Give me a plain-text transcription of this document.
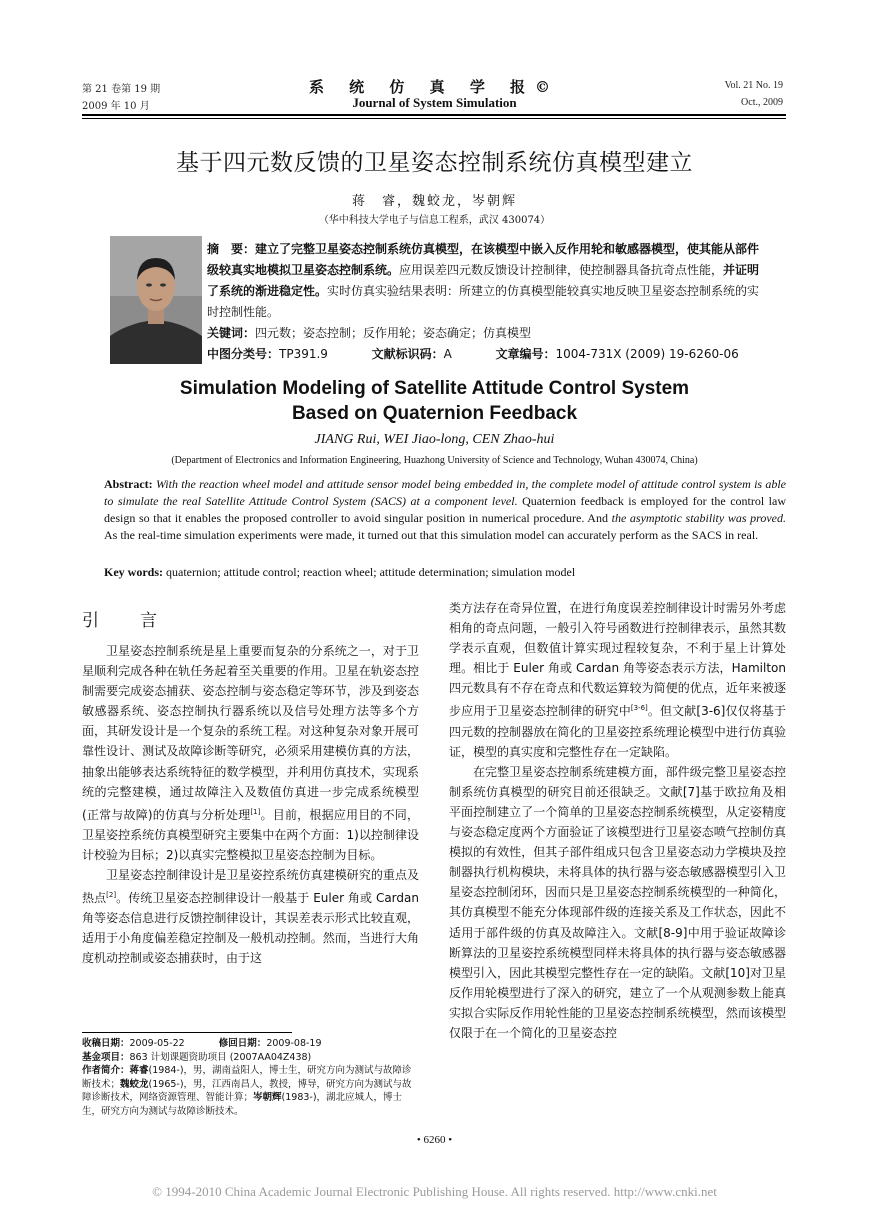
第 21 卷第 19 期
2009 年 10 月
系 统 仿 真 学 报©
Journal of System Simulation
Vol. 21 No. 19
Oct., 2009
基于四元数反馈的卫星姿态控制系统仿真模型建立
蒋　睿，魏蛟龙，岑朝辉
（华中科技大学电子与信息工程系，武汉 430074）
摘　要：建立了完整卫星姿态控制系统仿真模型，在该模型中嵌入反作用轮和敏感器模型，使其能从部件级较真实地模拟卫星姿态控制系统。应用误差四元数反馈设计控制律，使控制器具备抗奇点性能，并证明了系统的渐进稳定性。实时仿真实验结果表明：所建立的仿真模型能较真实地反映卫星姿态控制系统的实时控制性能。
关键词：四元数；姿态控制；反作用轮；姿态确定；仿真模型
中图分类号：TP391.9	文献标识码：A	文章编号：1004-731X (2009) 19-6260-06
Simulation Modeling of Satellite Attitude Control System
Based on Quaternion Feedback
JIANG Rui, WEI Jiao-long, CEN Zhao-hui
(Department of Electronics and Information Engineering, Huazhong University of Science and Technology, Wuhan 430074, China)
Abstract: With the reaction wheel model and attitude sensor model being embedded in, the complete model of attitude control system is able to simulate the real Satellite Attitude Control System (SACS) at a component level. Quaternion feedback is employed for the control law design so that it enables the proposed controller to avoid singular position in numerical procedure. And the asymptotic stability was proved. As the real-time simulation experiments were made, it turned out that this simulation model can accurately perform as the SACS in real.
Key words: quaternion; attitude control; reaction wheel; attitude determination; simulation model
引　言

卫星姿态控制系统是星上重要而复杂的分系统之一，对于卫星顺利完成各种在轨任务起着至关重要的作用。卫星在轨姿态控制需要完成姿态捕获、姿态控制与姿态稳定等环节，涉及到姿态敏感器系统、姿态控制执行器系统以及信号处理方法等多个方面，其研发设计是一个复杂的系统工程。对这种复杂对象开展可靠性设计、测试及故障诊断等研究，必须采用建模仿真的方法，抽象出能够表达系统特征的数学模型，并利用仿真技术，实现系统的完整建模，通过故障注入及数值仿真进一步完成系统模型(正常与故障)的仿真与分析处理[1]。目前，根据应用目的不同，卫星姿控系统仿真模型研究主要集中在两个方面：1)以控制律设计校验为目标；2)以真实完整模拟卫星姿态控制为目标。

卫星姿态控制律设计是卫星姿控系统仿真建模研究的重点及热点[2]。传统卫星姿态控制律设计一般基于 Euler 角或 Cardan 角等姿态信息进行反馈控制律设计，其误差表示形式比较直观，适用于小角度偏差稳定控制及一般机动控制。然而，当进行大角度机动控制或姿态捕获时，由于这

类方法存在奇异位置，在进行角度误差控制律设计时需另外考虑相角的奇点问题，一般引入符号函数进行控制律表示，虽然其数学表示直观，但数值计算实现过程较复杂，不利于星上计算处理。相比于 Euler 角或 Cardan 角等姿态表示方法，Hamilton 四元数具有不存在奇点和代数运算较为简便的优点，近年来被逐步应用于卫星姿态控制律的研究中[3-6]。但文献[3-6]仅仅将基于四元数的控制器放在简化的卫星姿控系统理论模型中进行仿真验证，模型的真实度和完整性存在一定缺陷。

在完整卫星姿态控制系统建模方面，部件级完整卫星姿态控制系统仿真模型的研究目前还很缺乏。文献[7]基于欧拉角及相平面控制建立了一个简单的卫星姿态控制系统模型，从定姿精度与姿态稳定度两个方面验证了该模型进行卫星姿态喷气控制仿真模拟的有效性，但其子部件组成只包含卫星姿态动力学模块及控制器执行机构模块，未将具体的执行器与姿态敏感器模型引入卫星姿态控制闭环，因而只是卫星姿态控制系统模型的一种简化，其仿真模型不能充分体现部件级的连接关系及工作状态，因此不适用于部件级的仿真及故障注入。文献[8-9]中用于验证故障诊断算法的卫星姿控系统模型同样未将具体的执行器与姿态敏感器模型引入，因此其模型完整性存在一定的缺陷。文献[10]对卫星反作用轮模型进行了深入的研究，建立了一个从观测参数上能真实拟合实际反作用轮性能的卫星姿态控制系统模型，然而该模型仅限于在一个简化的卫星姿态控

收稿日期：2009-05-22	修回日期：2009-08-19
基金项目：863 计划课题资助项目 (2007AA04Z438)
作者简介：蒋睿(1984-)，男，湖南益阳人，博士生，研究方向为测试与故障诊断技术；魏蛟龙(1965-)，男，江西南昌人，教授，博导，研究方向为测试与故障诊断技术，网络资源管理、智能计算；岑朝辉(1983-)，湖北应城人，博士生，研究方向为测试与故障诊断技术。
• 6260 •
© 1994-2010 China Academic Journal Electronic Publishing House. All rights reserved. http://www.cnki.net
